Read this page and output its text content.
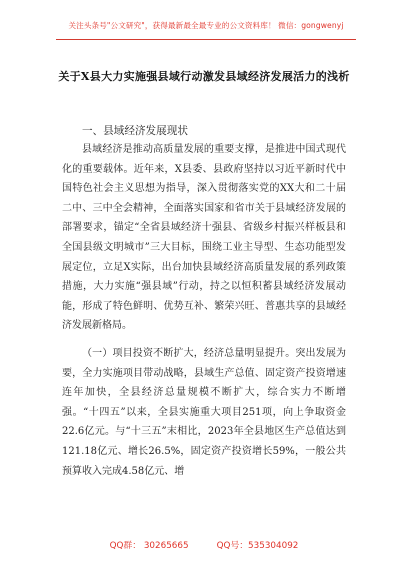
关注头条号"公文研究"，获得最新最全最专业的公文资料库！ 微信：gongwenyj
关于X县大力实施强县域行动激发县域经济发展活力的浅析
一、县域经济发展现状

县域经济是推动高质量发展的重要支撑，是推进中国式现代化的重要载体。近年来，X县委、县政府坚持以习近平新时代中国特色社会主义思想为指导，深入贯彻落实党的XX大和二十届二中、三中全会精神，全面落实国家和省市关于县域经济发展的部署要求，锚定“全省县域经济十强县、省级乡村振兴样板县和全国县级文明城市”三大目标，围绕工业主导型、生态功能型发展定位，立足X实际，出台加快县域经济高质量发展的系列政策措施，大力实施“强县域”行动，持之以恒积蓄县域经济发展动能，形成了特色鲜明、优势互补、繁荣兴旺、普惠共享的县域经济发展新格局。

（一）项目投资不断扩大，经济总量明显提升。突出发展为要，全力实施项目带动战略，县域生产总值、固定资产投资增速连年加快，全县经济总量规模不断扩大，综合实力不断增强。“十四五”以来，全县实施重大项目251项，向上争取资金22.6亿元。与“十三五”末相比，2023年全县地区生产总值达到121.18亿元、增长26.5%，固定资产投资增长59%，一般公共预算收入完成4.58亿元、增

QQ群： 30265665	QQ号：535304092
